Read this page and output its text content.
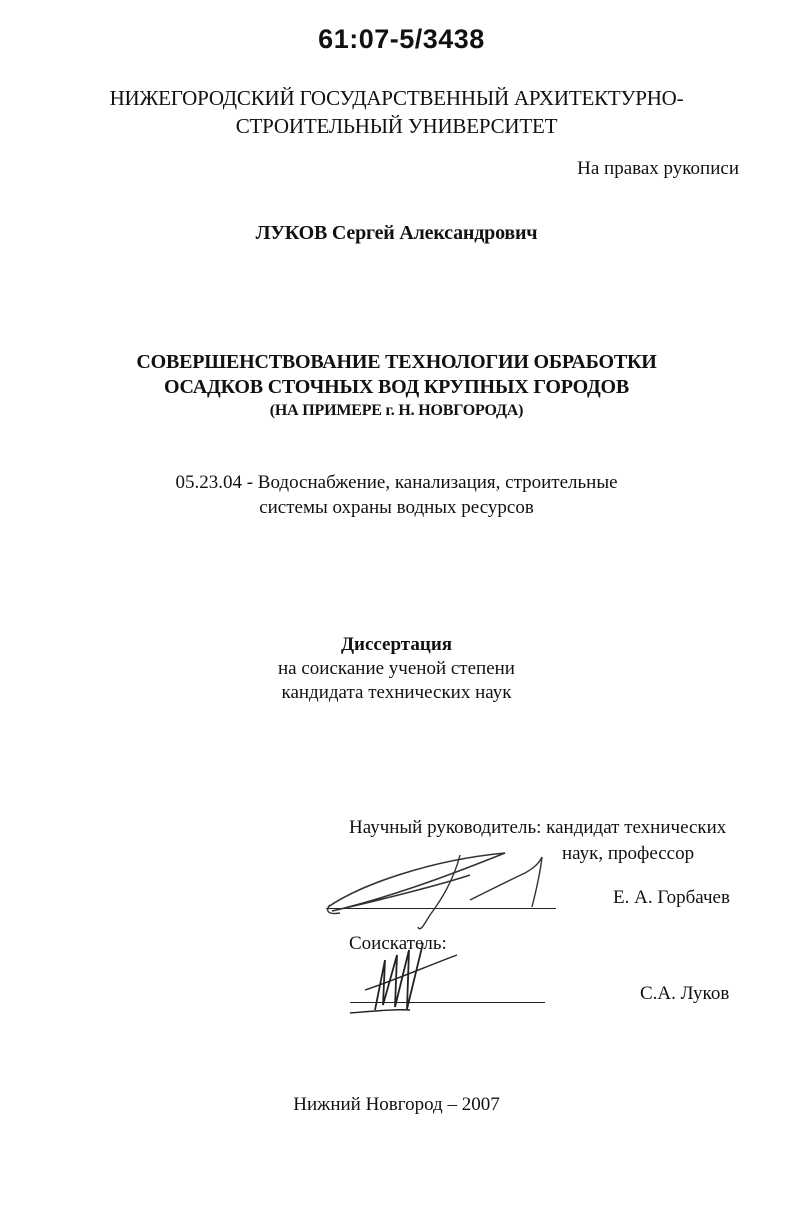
61:07-5/3438
НИЖЕГОРОДСКИЙ ГОСУДАРСТВЕННЫЙ АРХИТЕКТУРНО-
СТРОИТЕЛЬНЫЙ УНИВЕРСИТЕТ
На правах рукописи
ЛУКОВ Сергей Александрович
СОВЕРШЕНСТВОВАНИЕ ТЕХНОЛОГИИ ОБРАБОТКИ
ОСАДКОВ СТОЧНЫХ ВОД КРУПНЫХ ГОРОДОВ
(НА ПРИМЕРЕ г. Н. НОВГОРОДА)
05.23.04 - Водоснабжение, канализация, строительные
системы охраны водных ресурсов
Диссертация
на соискание ученой степени
кандидата технических наук
Научный руководитель: кандидат технических
наук, профессор
Е. А. Горбачев
Соискатель:
С.А. Луков
Нижний Новгород – 2007
